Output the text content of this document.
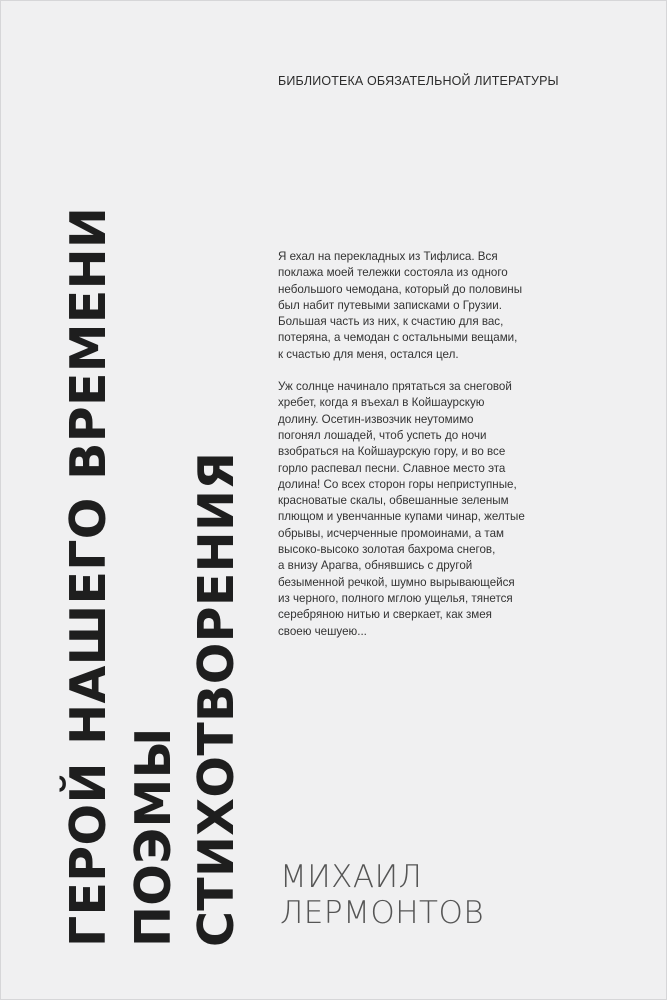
БИБЛИОТЕКА ОБЯЗАТЕЛЬНОЙ ЛИТЕРАТУРЫ
ГЕРОЙ НАШЕГО ВРЕМЕНИ ПОЭМЫ СТИХОТВОРЕНИЯ
Я ехал на перекладных из Тифлиса. Вся
поклажа моей тележки состояла из одного
небольшого чемодана, который до половины
был набит путевыми записками о Грузии.
Большая часть из них, к счастию для вас,
потеряна, а чемодан с остальными вещами,
к счастью для меня, остался цел.
Уж солнце начинало прятаться за снеговой
хребет, когда я въехал в Койшаурскую
долину. Осетин-извозчик неутомимо
погонял лошадей, чтоб успеть до ночи
взобраться на Койшаурскую гору, и во все
горло распевал песни. Славное место эта
долина! Со всех сторон горы неприступные,
красноватые скалы, обвешанные зеленым
плющом и увенчанные купами чинар, желтые
обрывы, исчерченные промоинами, а там
высоко-высоко золотая бахрома снегов,
а внизу Арагва, обнявшись с другой
безыменной речкой, шумно вырывающейся
из черного, полного мглою ущелья, тянется
серебряною нитью и сверкает, как змея
своею чешуею...
МИХАИЛ
ЛЕРМОНТОВ
